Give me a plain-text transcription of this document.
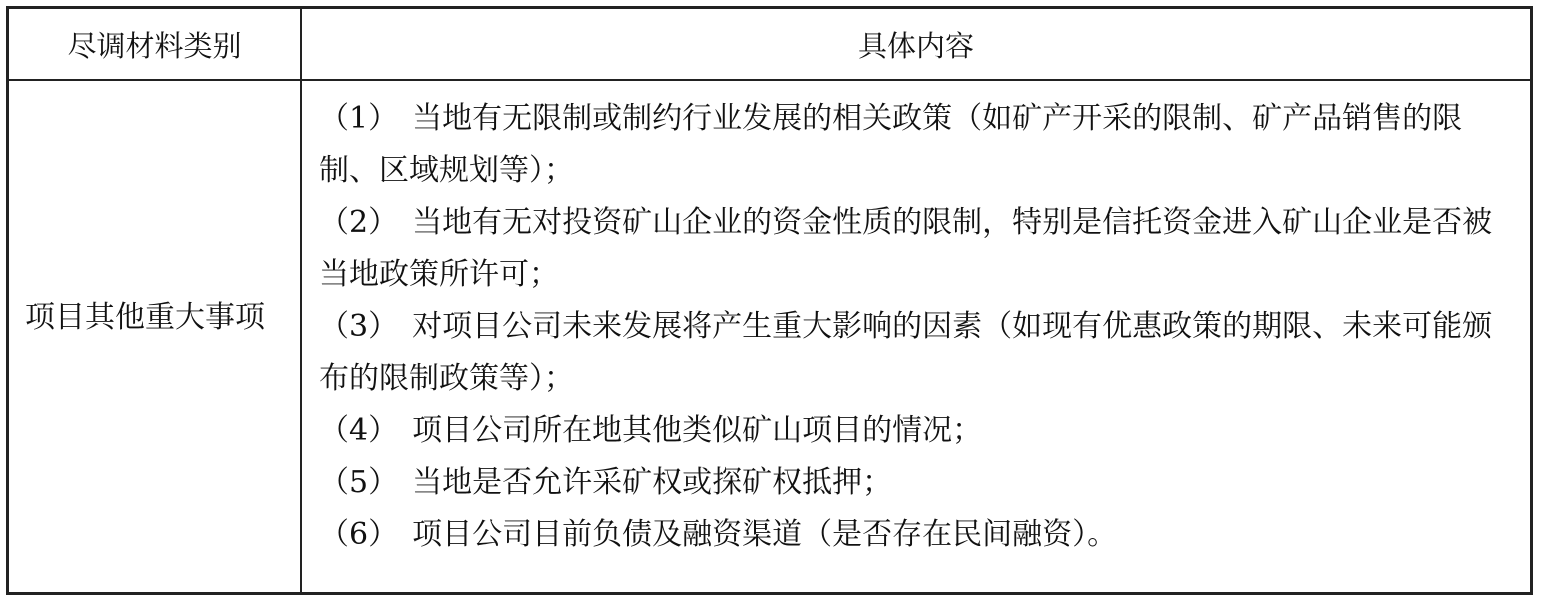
尽调材料类别	具体内容
项目其他重大事项
（1） 当地有无限制或制约行业发展的相关政策（如矿产开采的限制、矿产品销售的限制、区域规划等）；
（2） 当地有无对投资矿山企业的资金性质的限制，特别是信托资金进入矿山企业是否被当地政策所许可；
（3） 对项目公司未来发展将产生重大影响的因素（如现有优惠政策的期限、未来可能颁布的限制政策等）；
（4） 项目公司所在地其他类似矿山项目的情况；
（5） 当地是否允许采矿权或探矿权抵押；
（6） 项目公司目前负债及融资渠道（是否存在民间融资）。
